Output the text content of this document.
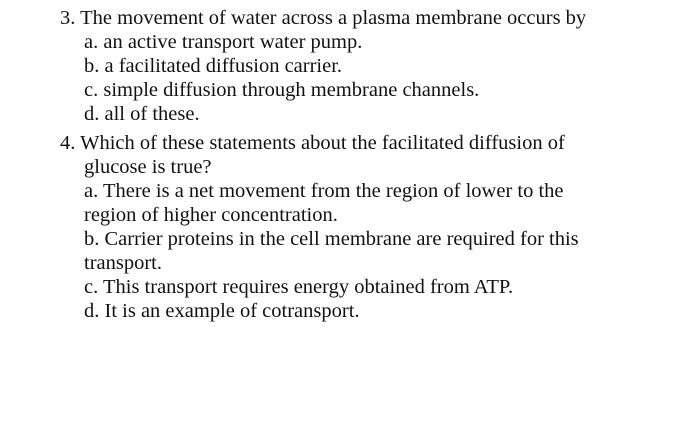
3. The movement of water across a plasma membrane occurs by
a. an active transport water pump.
b. a facilitated diffusion carrier.
c. simple diffusion through membrane channels.
d. all of these.
4. Which of these statements about the facilitated diffusion of
glucose is true?
a. There is a net movement from the region of lower to the
region of higher concentration.
b. Carrier proteins in the cell membrane are required for this
transport.
c. This transport requires energy obtained from ATP.
d. It is an example of cotransport.
